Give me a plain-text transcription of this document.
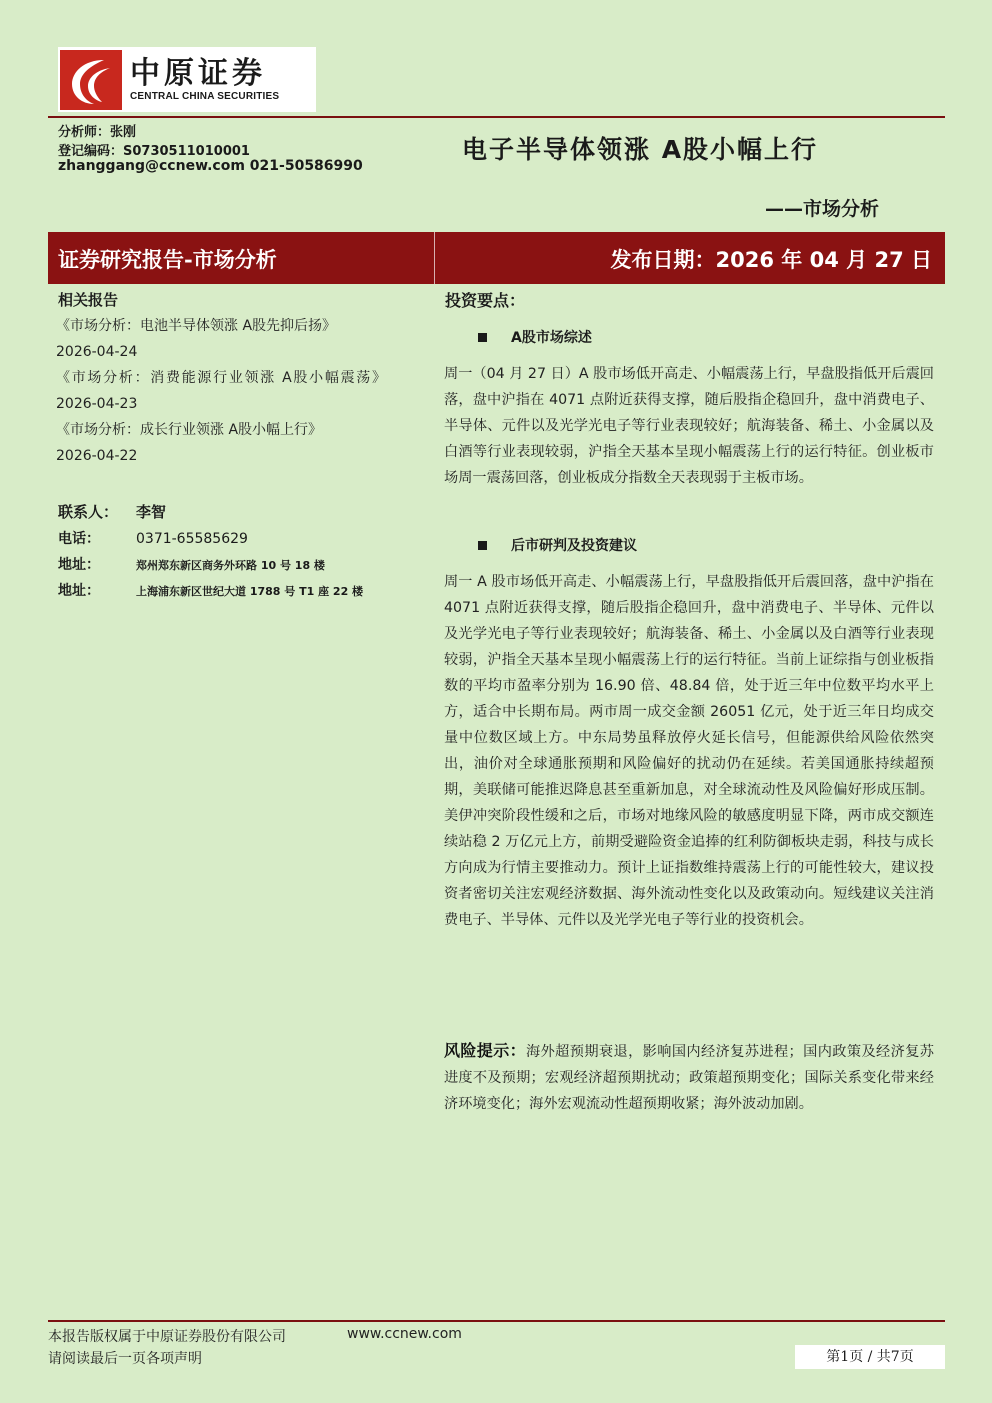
中原证券
CENTRAL CHINA SECURITIES
分析师：张刚
登记编码：S0730511010001
zhanggang@ccnew.com 021-50586990
电子半导体领涨 A股小幅上行
——市场分析
证券研究报告-市场分析	发布日期：2026 年 04 月 27 日
相关报告
《市场分析：电池半导体领涨 A股先抑后扬》
2026-04-24
《市场分析：消费能源行业领涨 A股小幅震荡》 2026-04-23
《市场分析：成长行业领涨 A股小幅上行》
2026-04-22
联系人：	李智
电话：	0371-65585629
地址：	郑州郑东新区商务外环路 10 号 18 楼
地址：	上海浦东新区世纪大道 1788 号 T1 座 22 楼
投资要点：
A股市场综述

周一（04 月 27 日）A 股市场低开高走、小幅震荡上行，早盘股指低开后震回落，盘中沪指在 4071 点附近获得支撑，随后股指企稳回升，盘中消费电子、半导体、元件以及光学光电子等行业表现较好；航海装备、稀土、小金属以及白酒等行业表现较弱，沪指全天基本呈现小幅震荡上行的运行特征。创业板市场周一震荡回落，创业板成分指数全天表现弱于主板市场。

后市研判及投资建议

周一 A 股市场低开高走、小幅震荡上行，早盘股指低开后震回落，盘中沪指在 4071 点附近获得支撑，随后股指企稳回升，盘中消费电子、半导体、元件以及光学光电子等行业表现较好；航海装备、稀土、小金属以及白酒等行业表现较弱，沪指全天基本呈现小幅震荡上行的运行特征。当前上证综指与创业板指数的平均市盈率分别为 16.90 倍、48.84 倍，处于近三年中位数平均水平上方，适合中长期布局。两市周一成交金额 26051 亿元，处于近三年日均成交量中位数区域上方。中东局势虽释放停火延长信号，但能源供给风险依然突出，油价对全球通胀预期和风险偏好的扰动仍在延续。若美国通胀持续超预期，美联储可能推迟降息甚至重新加息，对全球流动性及风险偏好形成压制。美伊冲突阶段性缓和之后，市场对地缘风险的敏感度明显下降，两市成交额连续站稳 2 万亿元上方，前期受避险资金追捧的红利防御板块走弱，科技与成长方向成为行情主要推动力。预计上证指数维持震荡上行的可能性较大，建议投资者密切关注宏观经济数据、海外流动性变化以及政策动向。短线建议关注消费电子、半导体、元件以及光学光电子等行业的投资机会。

风险提示：海外超预期衰退，影响国内经济复苏进程；国内政策及经济复苏进度不及预期；宏观经济超预期扰动；政策超预期变化；国际关系变化带来经济环境变化；海外宏观流动性超预期收紧；海外波动加剧。

本报告版权属于中原证券股份有限公司	www.ccnew.com
请阅读最后一页各项声明	第1页 / 共7页
